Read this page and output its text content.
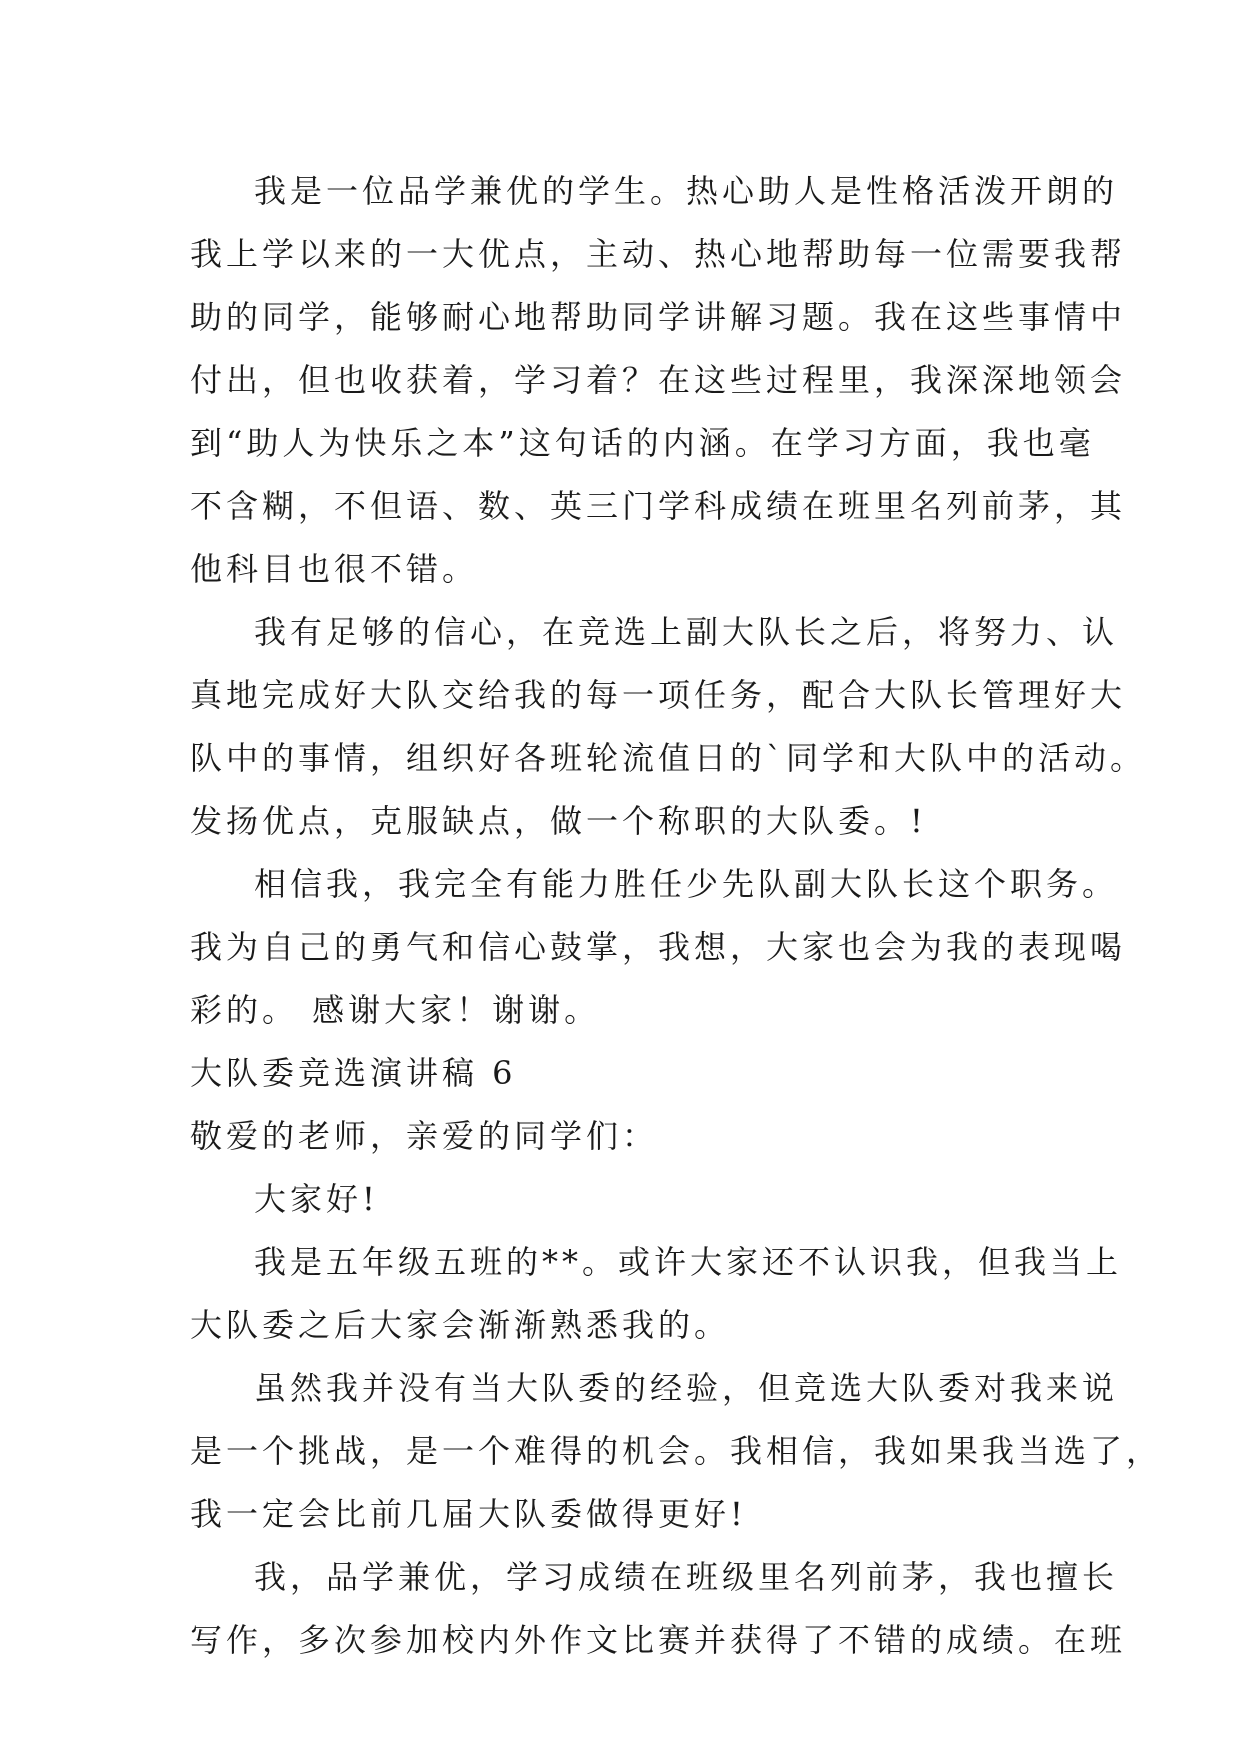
我是一位品学兼优的学生。热心助人是性格活泼开朗的
我上学以来的一大优点，主动、热心地帮助每一位需要我帮
助的同学，能够耐心地帮助同学讲解习题。我在这些事情中
付出，但也收获着，学习着？在这些过程里，我深深地领会
到“助人为快乐之本”这句话的内涵。在学习方面，我也毫
不含糊，不但语、数、英三门学科成绩在班里名列前茅，其
他科目也很不错。
我有足够的信心，在竞选上副大队长之后，将努力、认
真地完成好大队交给我的每一项任务，配合大队长管理好大
队中的事情，组织好各班轮流值日的`同学和大队中的活动。
发扬优点，克服缺点，做一个称职的大队委。!
相信我，我完全有能力胜任少先队副大队长这个职务。
我为自己的勇气和信心鼓掌，我想，大家也会为我的表现喝
彩的。 感谢大家！谢谢。
大队委竞选演讲稿 6
敬爱的老师，亲爱的同学们：
大家好!
我是五年级五班的**。或许大家还不认识我，但我当上
大队委之后大家会渐渐熟悉我的。
虽然我并没有当大队委的经验，但竞选大队委对我来说
是一个挑战，是一个难得的机会。我相信，我如果我当选了，
我一定会比前几届大队委做得更好!
我，品学兼优，学习成绩在班级里名列前茅，我也擅长
写作，多次参加校内外作文比赛并获得了不错的成绩。在班
